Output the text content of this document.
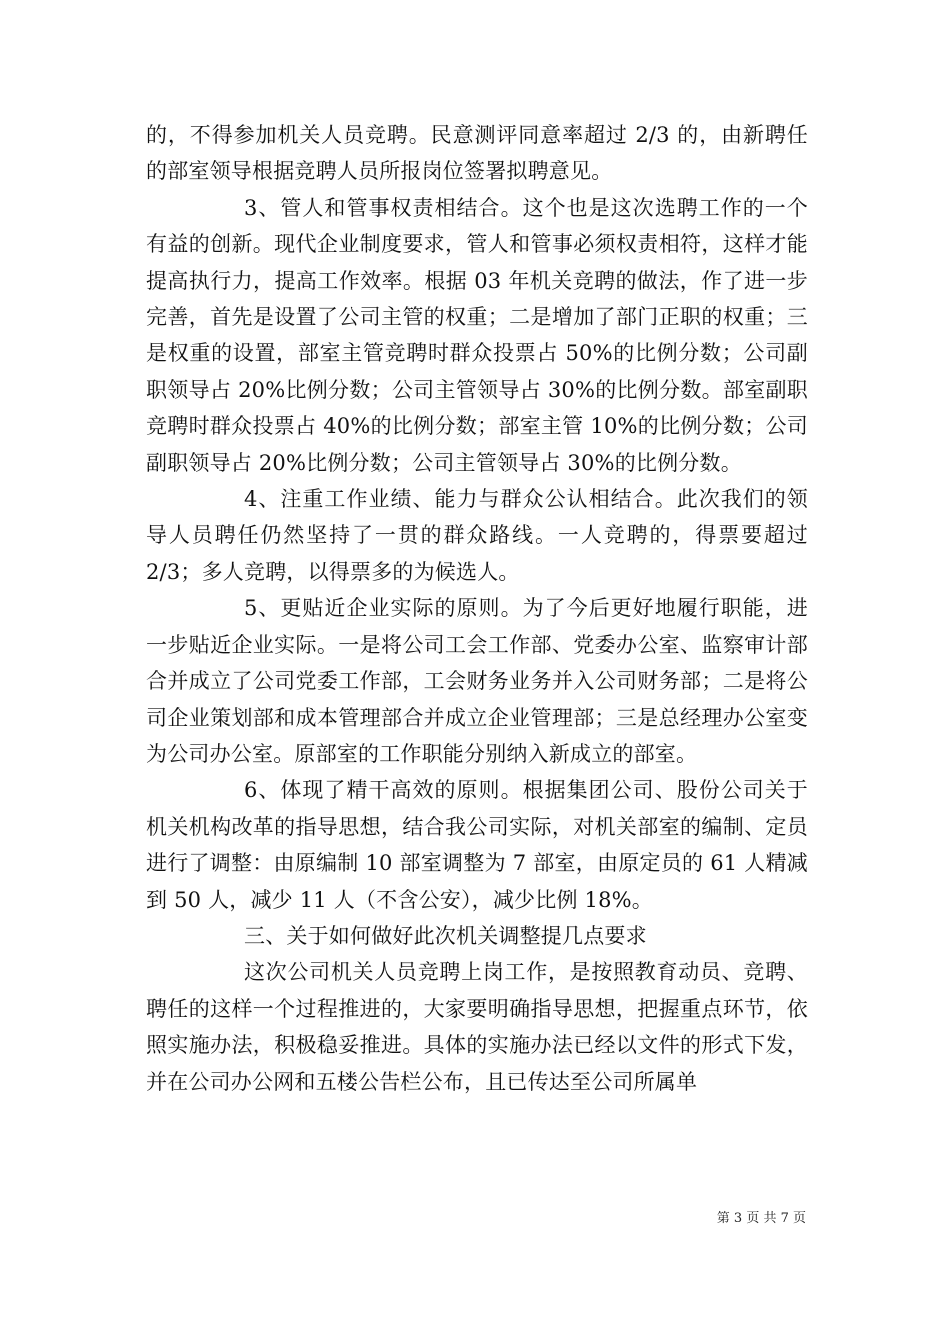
的，不得参加机关人员竞聘。民意测评同意率超过 2/3 的，由新聘任的部室领导根据竞聘人员所报岗位签署拟聘意见。

3、管人和管事权责相结合。这个也是这次选聘工作的一个有益的创新。现代企业制度要求，管人和管事必须权责相符，这样才能提高执行力，提高工作效率。根据 03 年机关竞聘的做法，作了进一步完善，首先是设置了公司主管的权重；二是增加了部门正职的权重；三是权重的设置，部室主管竞聘时群众投票占 50%的比例分数；公司副职领导占 20%比例分数；公司主管领导占 30%的比例分数。部室副职竞聘时群众投票占 40%的比例分数；部室主管 10%的比例分数；公司副职领导占 20%比例分数；公司主管领导占 30%的比例分数。

4、注重工作业绩、能力与群众公认相结合。此次我们的领导人员聘任仍然坚持了一贯的群众路线。一人竞聘的，得票要超过 2/3；多人竞聘，以得票多的为候选人。

5、更贴近企业实际的原则。为了今后更好地履行职能，进一步贴近企业实际。一是将公司工会工作部、党委办公室、监察审计部合并成立了公司党委工作部，工会财务业务并入公司财务部；二是将公司企业策划部和成本管理部合并成立企业管理部；三是总经理办公室变为公司办公室。原部室的工作职能分别纳入新成立的部室。

6、体现了精干高效的原则。根据集团公司、股份公司关于机关机构改革的指导思想，结合我公司实际，对机关部室的编制、定员进行了调整：由原编制 10 部室调整为 7 部室，由原定员的 61 人精减到 50 人，减少 11 人（不含公安），减少比例 18%。

三、关于如何做好此次机关调整提几点要求

这次公司机关人员竞聘上岗工作，是按照教育动员、竞聘、聘任的这样一个过程推进的，大家要明确指导思想，把握重点环节，依照实施办法，积极稳妥推进。具体的实施办法已经以文件的形式下发，并在公司办公网和五楼公告栏公布，且已传达至公司所属单

第 3 页 共 7 页
